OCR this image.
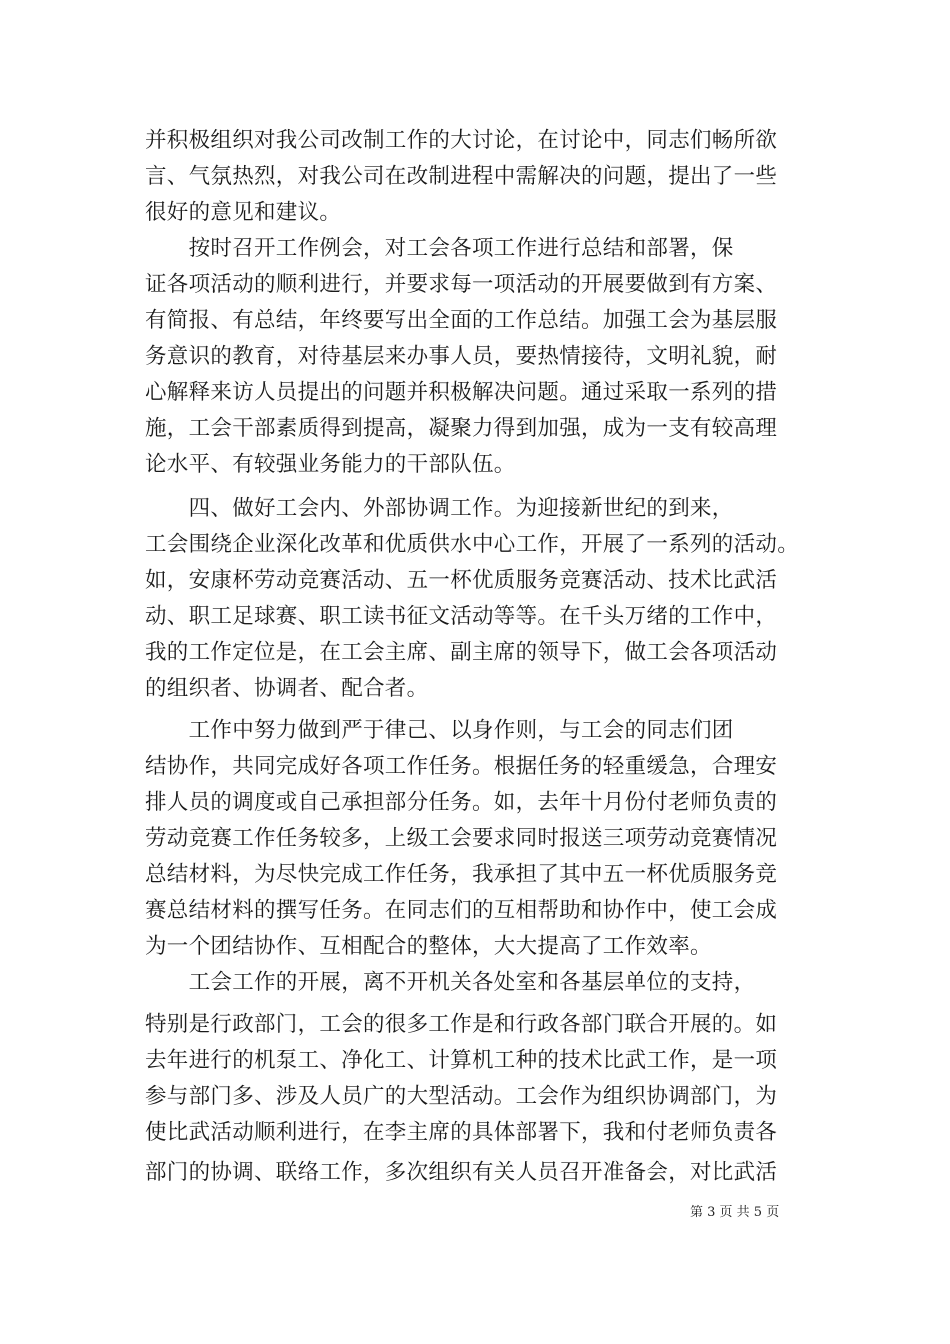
并积极组织对我公司改制工作的大讨论，在讨论中，同志们畅所欲
言、气氛热烈，对我公司在改制进程中需解决的问题，提出了一些
很好的意见和建议。
　　按时召开工作例会，对工会各项工作进行总结和部署，保
证各项活动的顺利进行，并要求每一项活动的开展要做到有方案、
有简报、有总结，年终要写出全面的工作总结。加强工会为基层服
务意识的教育，对待基层来办事人员，要热情接待，文明礼貌，耐
心解释来访人员提出的问题并积极解决问题。通过采取一系列的措
施，工会干部素质得到提高，凝聚力得到加强，成为一支有较高理
论水平、有较强业务能力的干部队伍。
　　四、做好工会内、外部协调工作。为迎接新世纪的到来，
工会围绕企业深化改革和优质供水中心工作，开展了一系列的活动。
如，安康杯劳动竞赛活动、五一杯优质服务竞赛活动、技术比武活
动、职工足球赛、职工读书征文活动等等。在千头万绪的工作中，
我的工作定位是，在工会主席、副主席的领导下，做工会各项活动
的组织者、协调者、配合者。
　　工作中努力做到严于律己、以身作则，与工会的同志们团
结协作，共同完成好各项工作任务。根据任务的轻重缓急，合理安
排人员的调度或自己承担部分任务。如，去年十月份付老师负责的
劳动竞赛工作任务较多，上级工会要求同时报送三项劳动竞赛情况
总结材料，为尽快完成工作任务，我承担了其中五一杯优质服务竞
赛总结材料的撰写任务。在同志们的互相帮助和协作中，使工会成
为一个团结协作、互相配合的整体，大大提高了工作效率。
　　工会工作的开展，离不开机关各处室和各基层单位的支持，
特别是行政部门，工会的很多工作是和行政各部门联合开展的。如
去年进行的机泵工、净化工、计算机工种的技术比武工作，是一项
参与部门多、涉及人员广的大型活动。工会作为组织协调部门，为
使比武活动顺利进行，在李主席的具体部署下，我和付老师负责各
部门的协调、联络工作，多次组织有关人员召开准备会，对比武活
第 3 页 共 5 页
